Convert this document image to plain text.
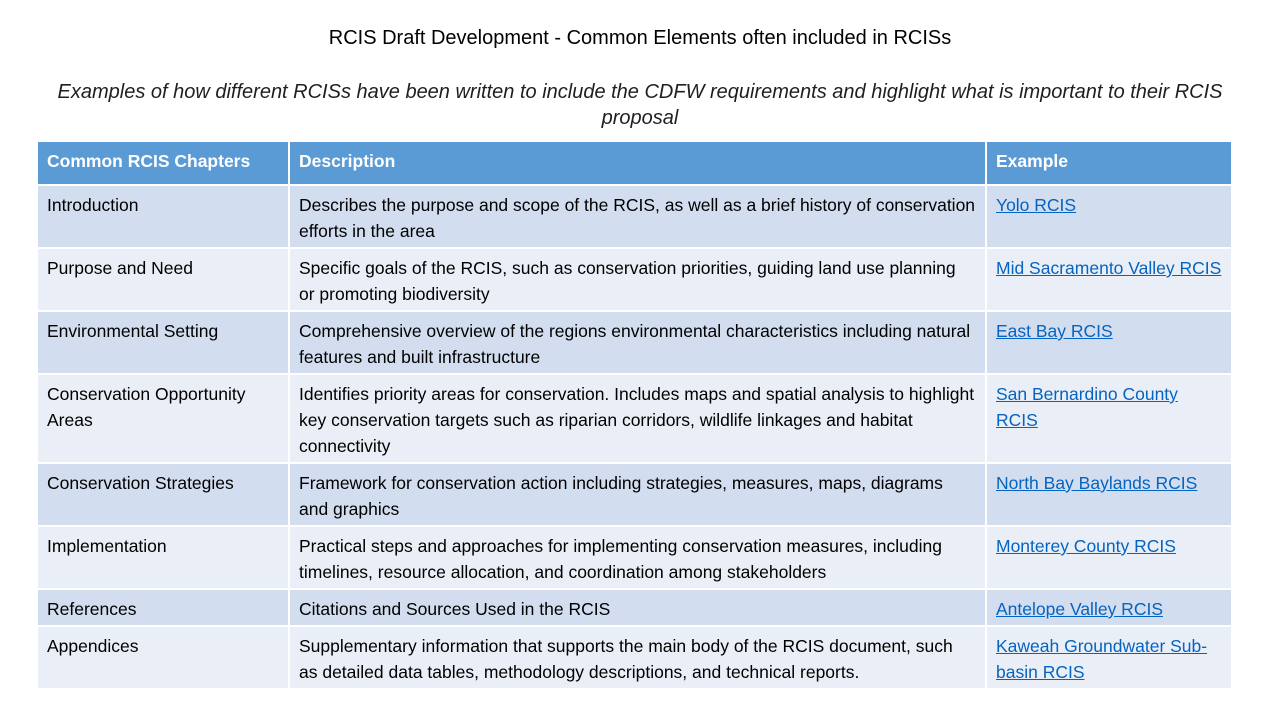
RCIS Draft Development - Common Elements often included in RCISs
Examples of how different RCISs have been written to include the CDFW requirements and highlight what is important to their RCIS proposal
Common RCIS Chapters	Description	Example
Introduction	Describes the purpose and scope of the RCIS, as well as a brief history of conservation efforts in the area	Yolo RCIS
Purpose and Need	Specific goals of the RCIS, such as conservation priorities, guiding land use planning or promoting biodiversity	Mid Sacramento Valley RCIS
Environmental Setting	Comprehensive overview of the regions environmental characteristics including natural features and built infrastructure	East Bay RCIS
Conservation Opportunity Areas	Identifies priority areas for conservation. Includes maps and spatial analysis to highlight key conservation targets such as riparian corridors, wildlife linkages and habitat connectivity	San Bernardino County RCIS
Conservation Strategies	Framework for conservation action including strategies, measures, maps, diagrams and graphics	North Bay Baylands RCIS
Implementation	Practical steps and approaches for implementing conservation measures, including timelines, resource allocation, and coordination among stakeholders	Monterey County RCIS
References	Citations and Sources Used in the RCIS	Antelope Valley RCIS
Appendices	Supplementary information that supports the main body of the RCIS document, such as detailed data tables, methodology descriptions, and technical reports.	Kaweah Groundwater Sub-basin RCIS
